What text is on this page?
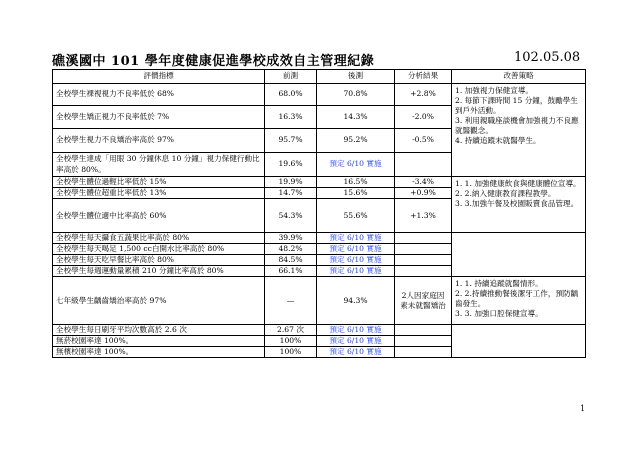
礁溪國中 101 學年度健康促進學校成效自主管理紀錄	102.05.08
評價指標	前測	後測	分析結果	改善策略
全校學生裸視視力不良率低於 68%	68.0%	70.8%	+2.8%	1. 加強視力保健宣導。
2. 每節下課時間 15 分鐘，鼓勵學生到戶外活動。
3. 利用親職座談機會加強視力不良應就醫觀念。
4. 持續追蹤未就醫學生。

全校學生矯正視力不良率低於 7%	16.3%	14.3%	-2.0%	
全校學生視力不良矯治率高於 97%	95.7%	95.2%	-0.5%	
全校學生達成「用眼 30 分鐘休息 10 分鐘」視力保健行動比率高於 80%。	19.6%	預定 6/10 實施		
全校學生體位過輕比率低於 15%	19.9%	16.5%	-3.4%	1. 1. 加強健康飲食與健康體位宣導。
2. 2.納入健康教育課程教學。
3. 3.加強午餐及校園販賣食品管理。

全校學生體位超重比率低於 13%	14.7%	15.6%	+0.9%	
全校學生體位適中比率高於 60%	54.3%	55.6%	+1.3%	
全校學生每天攝食五蔬果比率高於 80%	39.9%	預定 6/10 實施		
全校學生每天喝足 1,500 cc白開水比率高於 80%	48.2%	預定 6/10 實施		
全校學生每天吃早餐比率高於 80%	84.5%	預定 6/10 實施		
全校學生每週運動量累積 210 分鐘比率高於 80%	66.1%	預定 6/10 實施		
七年級學生齲齒矯治率高於 97%	—	94.3%	2人因家庭因素未就醫矯治	1. 1. 持續追蹤就醫情形。
2. 2.持續推動餐後潔牙工作，預防齲齒發生。
3. 3. 加強口腔保健宣導。

全校學生每日刷牙平均次數高於 2.6 次	2.67 次	預定 6/10 實施		
無菸校園率達 100%。	100%	預定 6/10 實施		
無檳校園率達 100%。	100%	預定 6/10 實施		
1
